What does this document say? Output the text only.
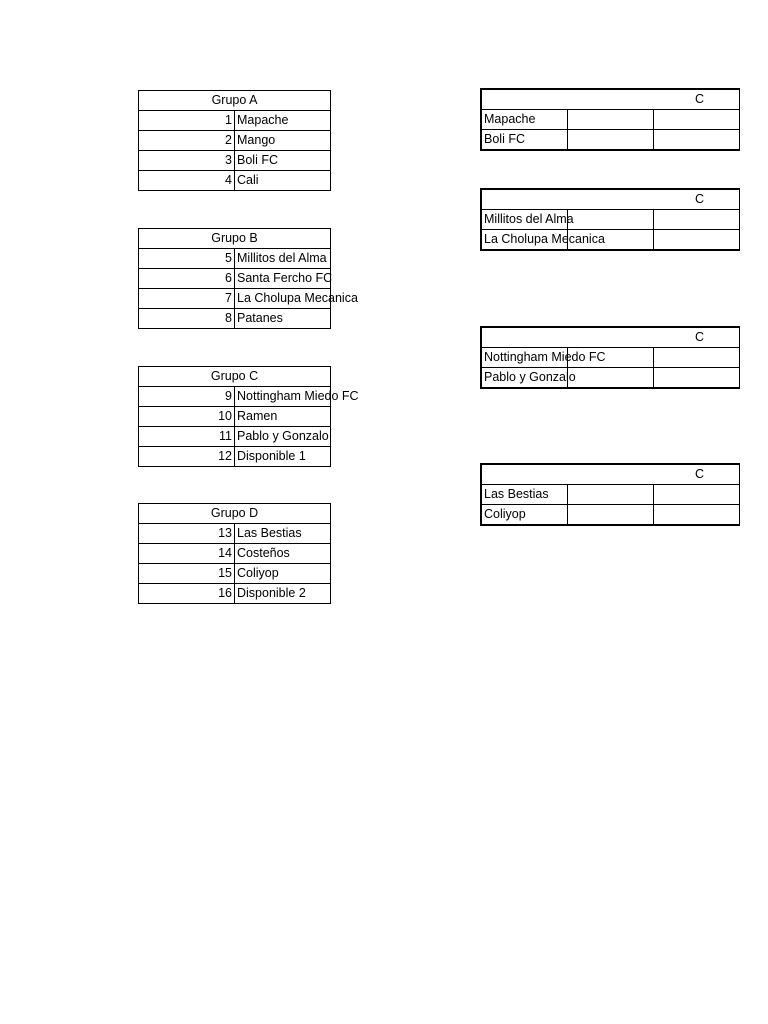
Grupo A	
1	Mapache
2	Mango
3	Boli FC
4	Cali
Grupo B	
5	Millitos del Alma
6	Santa Fercho FC
7	La Cholupa Mecanica
8	Patanes
Grupo C	
9	Nottingham Miedo FC
10	Ramen
11	Pablo y Gonzalo
12	Disponible 1
Grupo D	
13	Las Bestias
14	Costeños
15	Coliyop
16	Disponible 2
C		
Mapache		
Boli FC		
C		
Millitos del Alma		
La Cholupa Mecanica		
C		
Nottingham Miedo FC		
Pablo y Gonzalo		
C		
Las Bestias		
Coliyop		
